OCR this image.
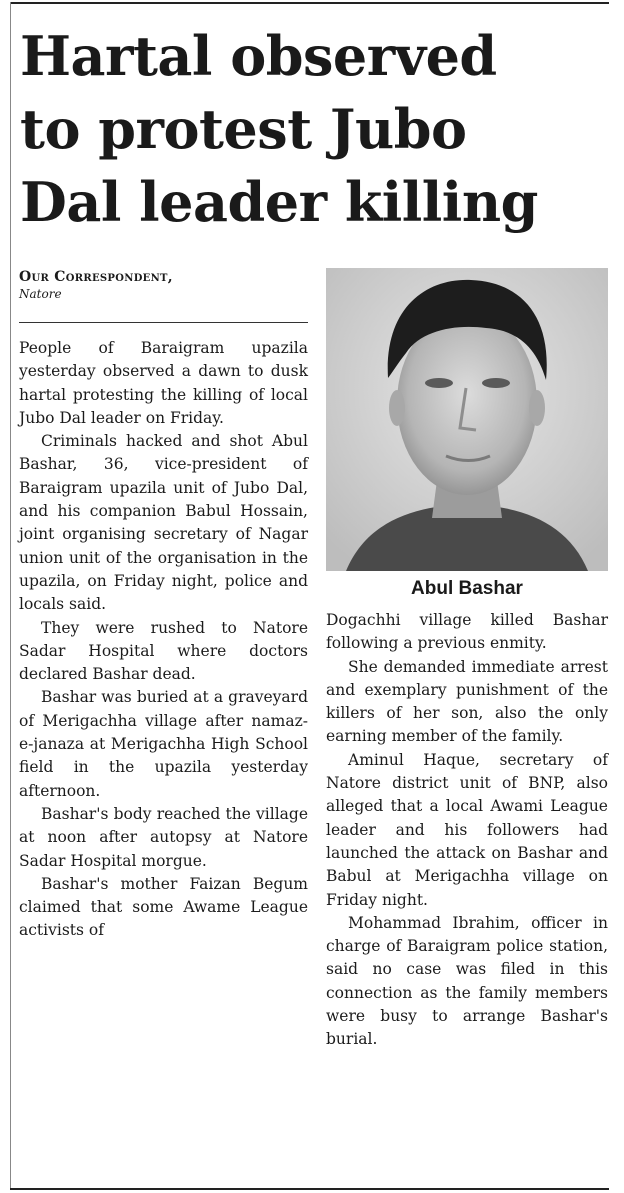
Hartal observed
to protest Jubo
Dal leader killing
Our Correspondent,
Natore

People of Baraigram upazila yesterday observed a dawn to dusk hartal protesting the killing of local Jubo Dal leader on Friday.

Criminals hacked and shot Abul Bashar, 36, vice-president of Baraigram upazila unit of Jubo Dal, and his companion Babul Hossain, joint organising secretary of Nagar union unit of the organisation in the upazila, on Friday night, police and locals said.

They were rushed to Natore Sadar Hospital where doctors declared Bashar dead.

Bashar was buried at a graveyard of Merigachha village after namaz-e-janaza at Merigachha High School field in the upazila yesterday afternoon.

Bashar's body reached the village at noon after autopsy at Natore Sadar Hospital morgue.

Bashar's mother Faizan Begum claimed that some Awame League activists of

Abul Bashar

Dogachhi village killed Bashar following a previous enmity.

She demanded immediate arrest and exemplary punishment of the killers of her son, also the only earning member of the family.

Aminul Haque, secretary of Natore district unit of BNP, also alleged that a local Awami League leader and his followers had launched the attack on Bashar and Babul at Merigachha village on Friday night.

Mohammad Ibrahim, officer in charge of Baraigram police station, said no case was filed in this connection as the family members were busy to arrange Bashar's burial.
